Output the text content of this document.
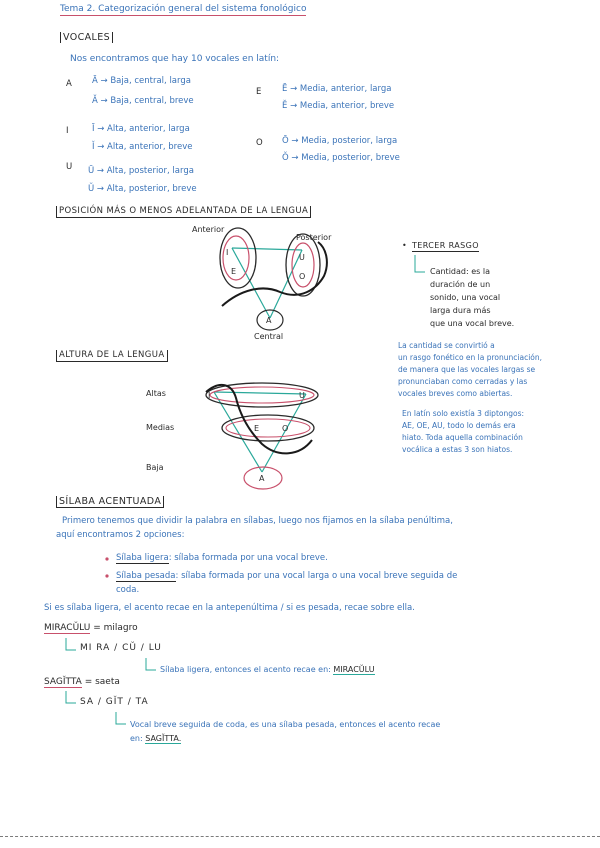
Tema 2. Categorización general del sistema fonológico
VOCALES
Nos encontramos que hay 10 vocales en latín:
A Ā → Baja, central, larga
Ă → Baja, central, breve
E Ē → Media, anterior, larga
Ĕ → Media, anterior, breve
I	Ī → Alta, anterior, larga
Ĭ → Alta, anterior, breve	O Ō → Media, posterior, larga
Ŏ → Media, posterior, breve
U Ū → Alta, posterior, larga
Ŭ → Alta, posterior, breve
POSICIÓN MÁS O MENOS ADELANTADA DE LA LENGUA
Anterior
Posterior
Central
I
E
U
O
A
• TERCER RASGO
Cantidad: es la
duración de un
sonido, una vocal
larga dura más
que una vocal breve.
ALTURA DE LA LENGUA
Altas
Medias
Baja
I	U
E	O
A
La cantidad se convirtió a
un rasgo fonético en la pronunciación,
de manera que las vocales largas se
pronunciaban como cerradas y las
vocales breves como abiertas.
En latín solo existía 3 diptongos:
AE, OE, AU, todo lo demás era
hiato. Toda aquella combinación
vocálica a estas 3 son hiatos.
SÍLABA ACENTUADA
Primero tenemos que dividir la palabra en sílabas, luego nos fijamos en la sílaba penúltima,
aquí encontramos 2 opciones:
Sílaba ligera: sílaba formada por una vocal breve.
Sílaba pesada: sílaba formada por una vocal larga o una vocal breve seguida de
coda.
Si es sílaba ligera, el acento recae en la antepenúltima / si es pesada, recae sobre ella.
MIRACŬLU = milagro
MI RA / CŬ / LU
Sílaba ligera, entonces el acento recae en: MIRACŬLU
SAGĬTTA = saeta
SA / GĬT / TA
Vocal breve seguida de coda, es una sílaba pesada, entonces el acento recae
en: SAGĬTTA.
